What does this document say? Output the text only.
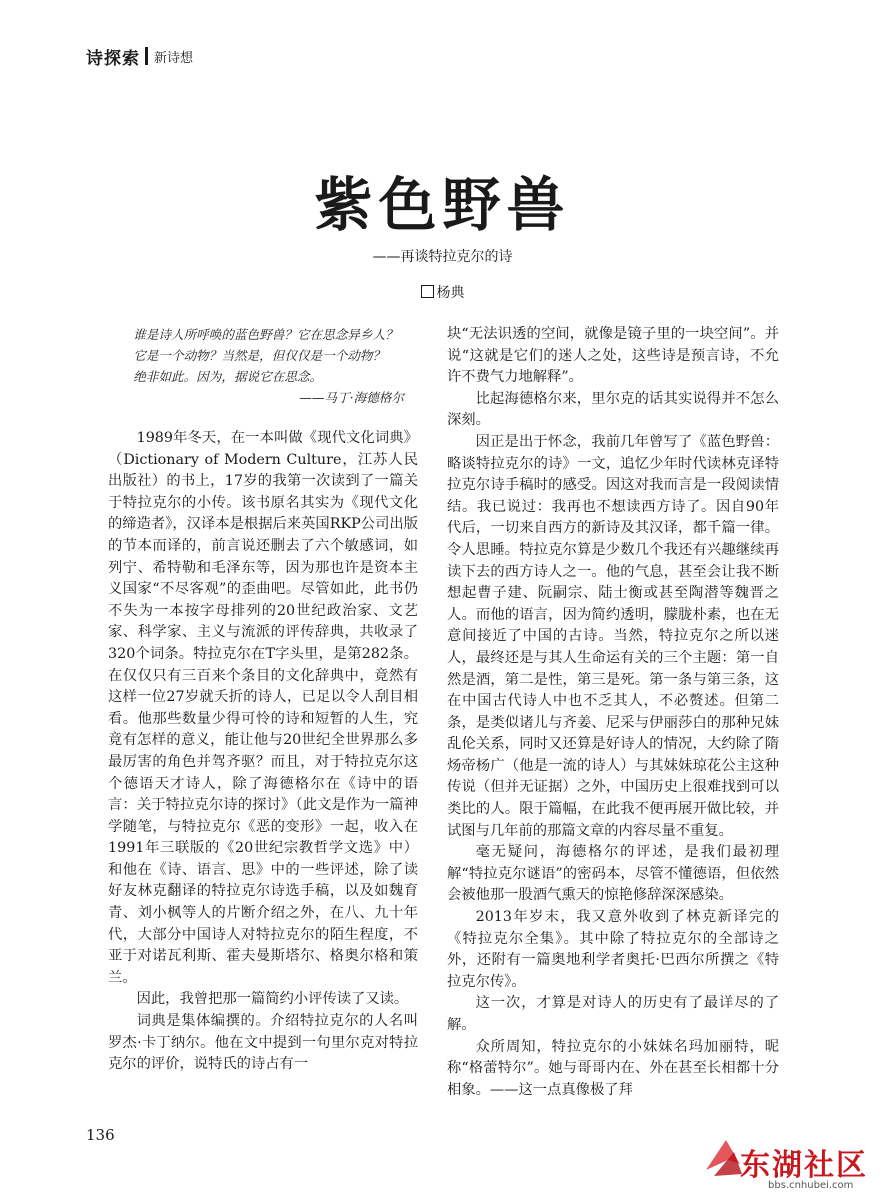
诗探索 新诗想
紫色野兽
——再谈特拉克尔的诗
杨典

谁是诗人所呼唤的蓝色野兽？它在思念异乡人？

它是一个动物？当然是，但仅仅是一个动物？

绝非如此。因为，据说它在思念。

——马丁·海德格尔

1989年冬天，在一本叫做《现代文化词典》（Dictionary of Modern Culture，江苏人民出版社）的书上，17岁的我第一次读到了一篇关于特拉克尔的小传。该书原名其实为《现代文化的缔造者》，汉译本是根据后来英国RKP公司出版的节本而译的，前言说还删去了六个敏感词，如列宁、希特勒和毛泽东等，因为那也许是资本主义国家“不尽客观”的歪曲吧。尽管如此，此书仍不失为一本按字母排列的20世纪政治家、文艺家、科学家、主义与流派的评传辞典，共收录了320个词条。特拉克尔在T字头里，是第282条。在仅仅只有三百来个条目的文化辞典中，竟然有这样一位27岁就夭折的诗人，已足以令人刮目相看。他那些数量少得可怜的诗和短暂的人生，究竟有怎样的意义，能让他与20世纪全世界那么多最厉害的角色并驾齐驱？而且，对于特拉克尔这个德语天才诗人，除了海德格尔在《诗中的语言：关于特拉克尔诗的探讨》（此文是作为一篇神学随笔，与特拉克尔《恶的变形》一起，收入在1991年三联版的《20世纪宗教哲学文选》中）和他在《诗、语言、思》中的一些评述，除了读好友林克翻译的特拉克尔诗选手稿，以及如魏育青、刘小枫等人的片断介绍之外，在八、九十年代，大部分中国诗人对特拉克尔的陌生程度，不亚于对诺瓦利斯、霍夫曼斯塔尔、格奥尔格和策兰。

因此，我曾把那一篇简约小评传读了又读。

词典是集体编撰的。介绍特拉克尔的人名叫罗杰·卡丁纳尔。他在文中提到一句里尔克对特拉克尔的评价，说特氏的诗占有一

块“无法识透的空间，就像是镜子里的一块空间”。并说“这就是它们的迷人之处，这些诗是预言诗，不允许不费气力地解释”。

比起海德格尔来，里尔克的话其实说得并不怎么深刻。

因正是出于怀念，我前几年曾写了《蓝色野兽：略谈特拉克尔的诗》一文，追忆少年时代读林克译特拉克尔诗手稿时的感受。因这对我而言是一段阅读情结。我已说过：我再也不想读西方诗了。因自90年代后，一切来自西方的新诗及其汉译，都千篇一律。令人思睡。特拉克尔算是少数几个我还有兴趣继续再读下去的西方诗人之一。他的气息，甚至会让我不断想起曹子建、阮嗣宗、陆士衡或甚至陶潜等魏晋之人。而他的语言，因为简约透明，朦胧朴素，也在无意间接近了中国的古诗。当然，特拉克尔之所以迷人，最终还是与其人生命运有关的三个主题：第一自然是酒，第二是性，第三是死。第一条与第三条，这在中国古代诗人中也不乏其人，不必赘述。但第二条，是类似诸儿与齐姜、尼采与伊丽莎白的那种兄妹乱伦关系，同时又还算是好诗人的情况，大约除了隋炀帝杨广（他是一流的诗人）与其妹妹琼花公主这种传说（但并无证据）之外，中国历史上很难找到可以类比的人。限于篇幅，在此我不便再展开做比较，并试图与几年前的那篇文章的内容尽量不重复。

毫无疑问，海德格尔的评述，是我们最初理解“特拉克尔谜语”的密码本，尽管不懂德语，但依然会被他那一股酒气熏天的惊艳修辞深深感染。

2013年岁末，我又意外收到了林克新译完的《特拉克尔全集》。其中除了特拉克尔的全部诗之外，还附有一篇奥地利学者奥托·巴西尔所撰之《特拉克尔传》。

这一次，才算是对诗人的历史有了最详尽的了解。

众所周知，特拉克尔的小妹妹名玛加丽特，昵称“格蕾特尔”。她与哥哥内在、外在甚至长相都十分相象。——这一点真像极了拜

136
东湖社区
bbs.cnhubei.com
